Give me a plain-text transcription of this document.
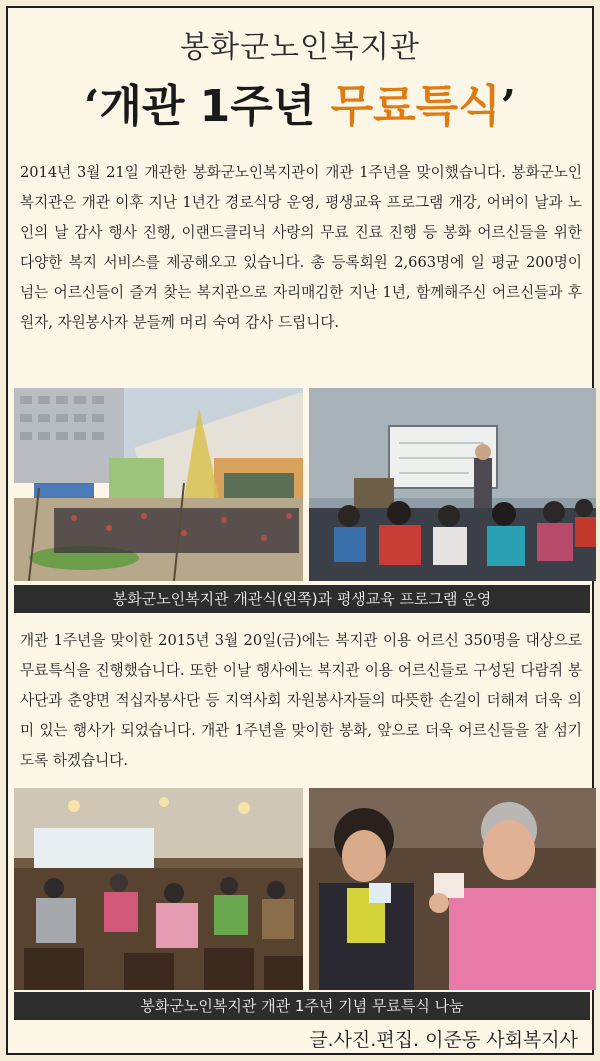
봉화군노인복지관
‘개관 1주년 무료특식’

2014년 3월 21일 개관한 봉화군노인복지관이 개관 1주년을 맞이했습니다. 봉화군노인복지관은 개관 이후 지난 1년간 경로식당 운영, 평생교육 프로그램 개강, 어버이 날과 노인의 날 감사 행사 진행, 이랜드클리닉 사랑의 무료 진료 진행 등 봉화 어르신들을 위한 다양한 복지 서비스를 제공해오고 있습니다. 총 등록회원 2,663명에 일 평균 200명이 넘는 어르신들이 즐겨 찾는 복지관으로 자리매김한 지난 1년, 함께해주신 어르신들과 후원자, 자원봉사자 분들께 머리 숙여 감사 드립니다.

봉화군노인복지관 개관식(왼쪽)과 평생교육 프로그램 운영

개관 1주년을 맞이한 2015년 3월 20일(금)에는 복지관 이용 어르신 350명을 대상으로 무료특식을 진행했습니다. 또한 이날 행사에는 복지관 이용 어르신들로 구성된 다람쥐 봉사단과 춘양면 적십자봉사단 등 지역사회 자원봉사자들의 따뜻한 손길이 더해져 더욱 의미 있는 행사가 되었습니다. 개관 1주년을 맞이한 봉화, 앞으로 더욱 어르신들을 잘 섬기도록 하겠습니다.

봉화군노인복지관 개관 1주년 기념 무료특식 나눔
글.사진.편집. 이준동 사회복지사
